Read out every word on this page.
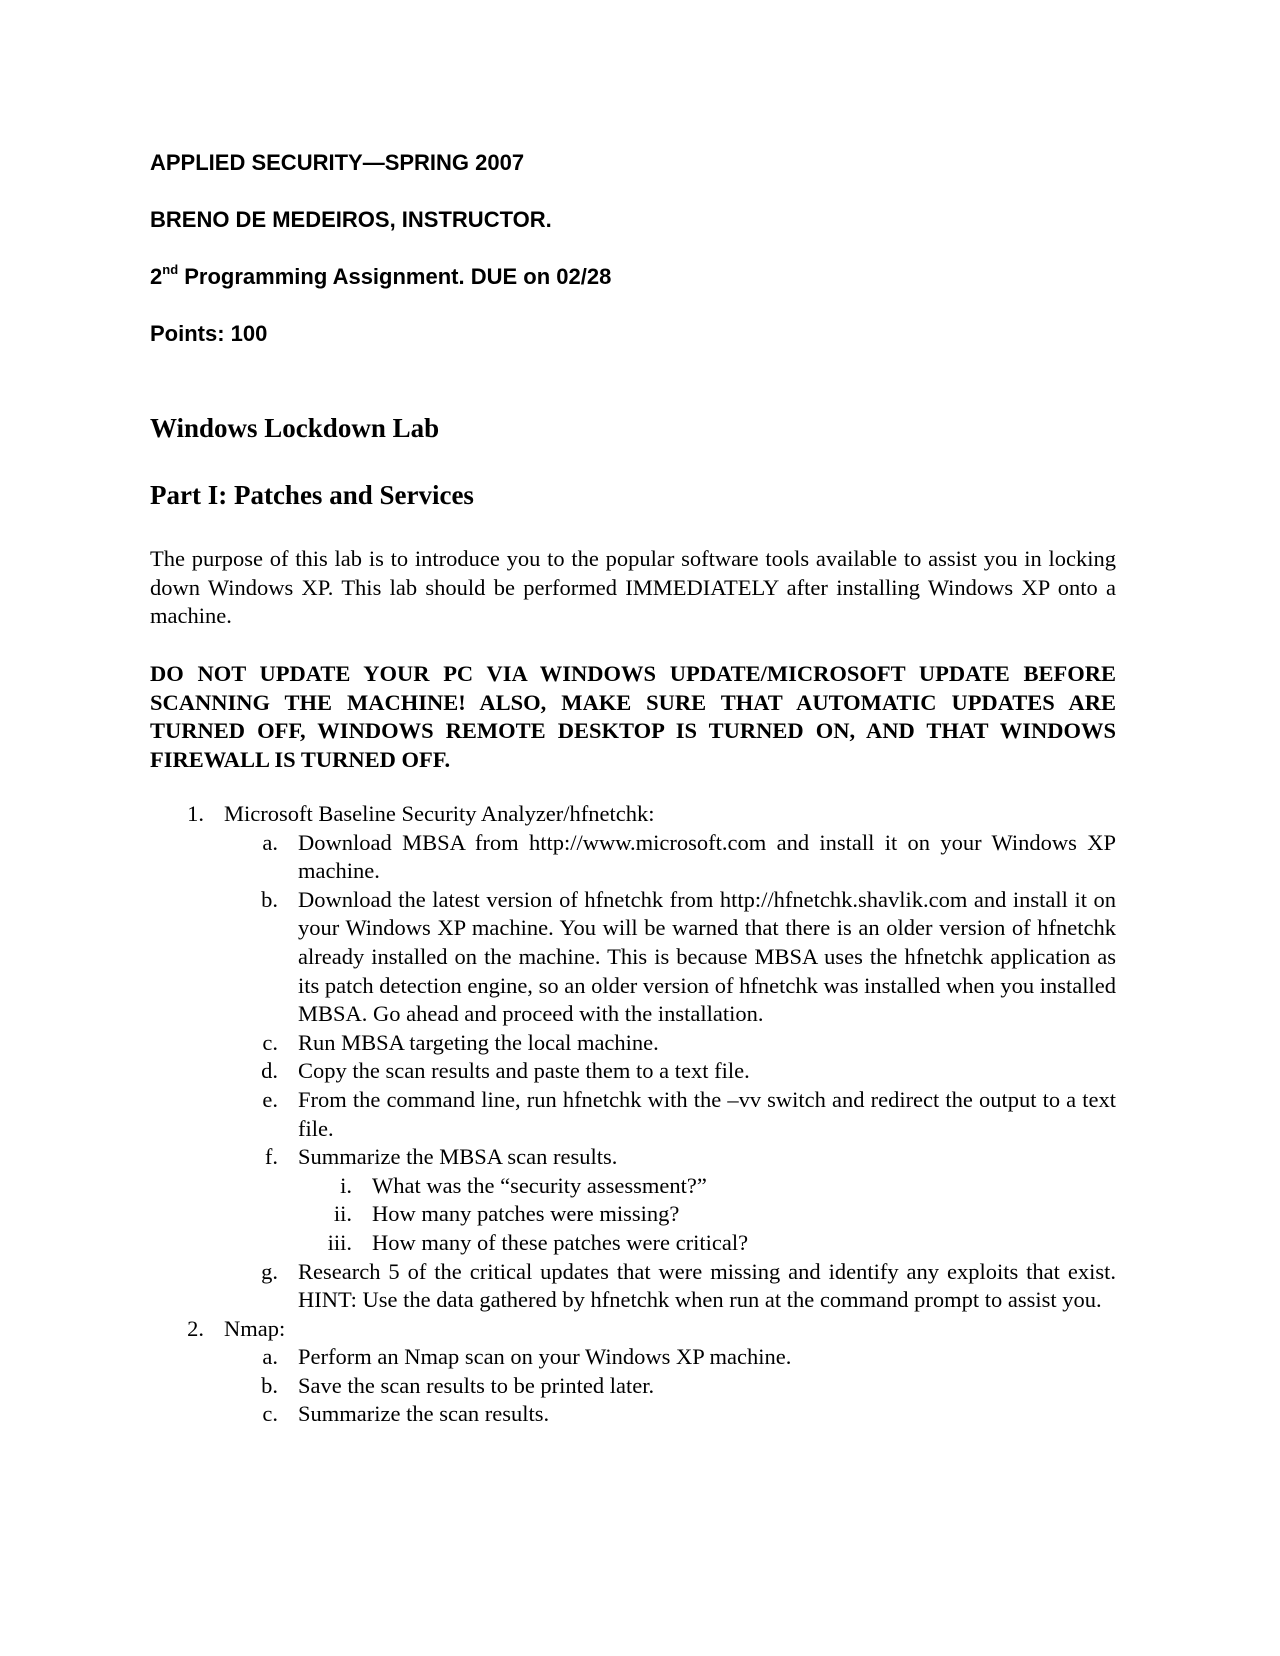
APPLIED SECURITY—SPRING 2007
BRENO DE MEDEIROS, INSTRUCTOR.
2nd Programming Assignment. DUE on 02/28
Points: 100
Windows Lockdown Lab
Part I: Patches and Services
The purpose of this lab is to introduce you to the popular software tools available to assist you in locking down Windows XP. This lab should be performed IMMEDIATELY after installing Windows XP onto a machine.
DO NOT UPDATE YOUR PC VIA WINDOWS UPDATE/MICROSOFT UPDATE BEFORE SCANNING THE MACHINE! ALSO, MAKE SURE THAT AUTOMATIC UPDATES ARE TURNED OFF, WINDOWS REMOTE DESKTOP IS TURNED ON, AND THAT WINDOWS FIREWALL IS TURNED OFF.
1. Microsoft Baseline Security Analyzer/hfnetchk:
a. Download MBSA from http://www.microsoft.com and install it on your Windows XP machine.
b. Download the latest version of hfnetchk from http://hfnetchk.shavlik.com and install it on your Windows XP machine. You will be warned that there is an older version of hfnetchk already installed on the machine. This is because MBSA uses the hfnetchk application as its patch detection engine, so an older version of hfnetchk was installed when you installed MBSA. Go ahead and proceed with the installation.
c. Run MBSA targeting the local machine.
d. Copy the scan results and paste them to a text file.
e. From the command line, run hfnetchk with the –vv switch and redirect the output to a text file.
f. Summarize the MBSA scan results.
i. What was the “security assessment?”
ii. How many patches were missing?
iii. How many of these patches were critical?
g. Research 5 of the critical updates that were missing and identify any exploits that exist. HINT: Use the data gathered by hfnetchk when run at the command prompt to assist you.
2. Nmap:
a. Perform an Nmap scan on your Windows XP machine.
b. Save the scan results to be printed later.
c. Summarize the scan results.
